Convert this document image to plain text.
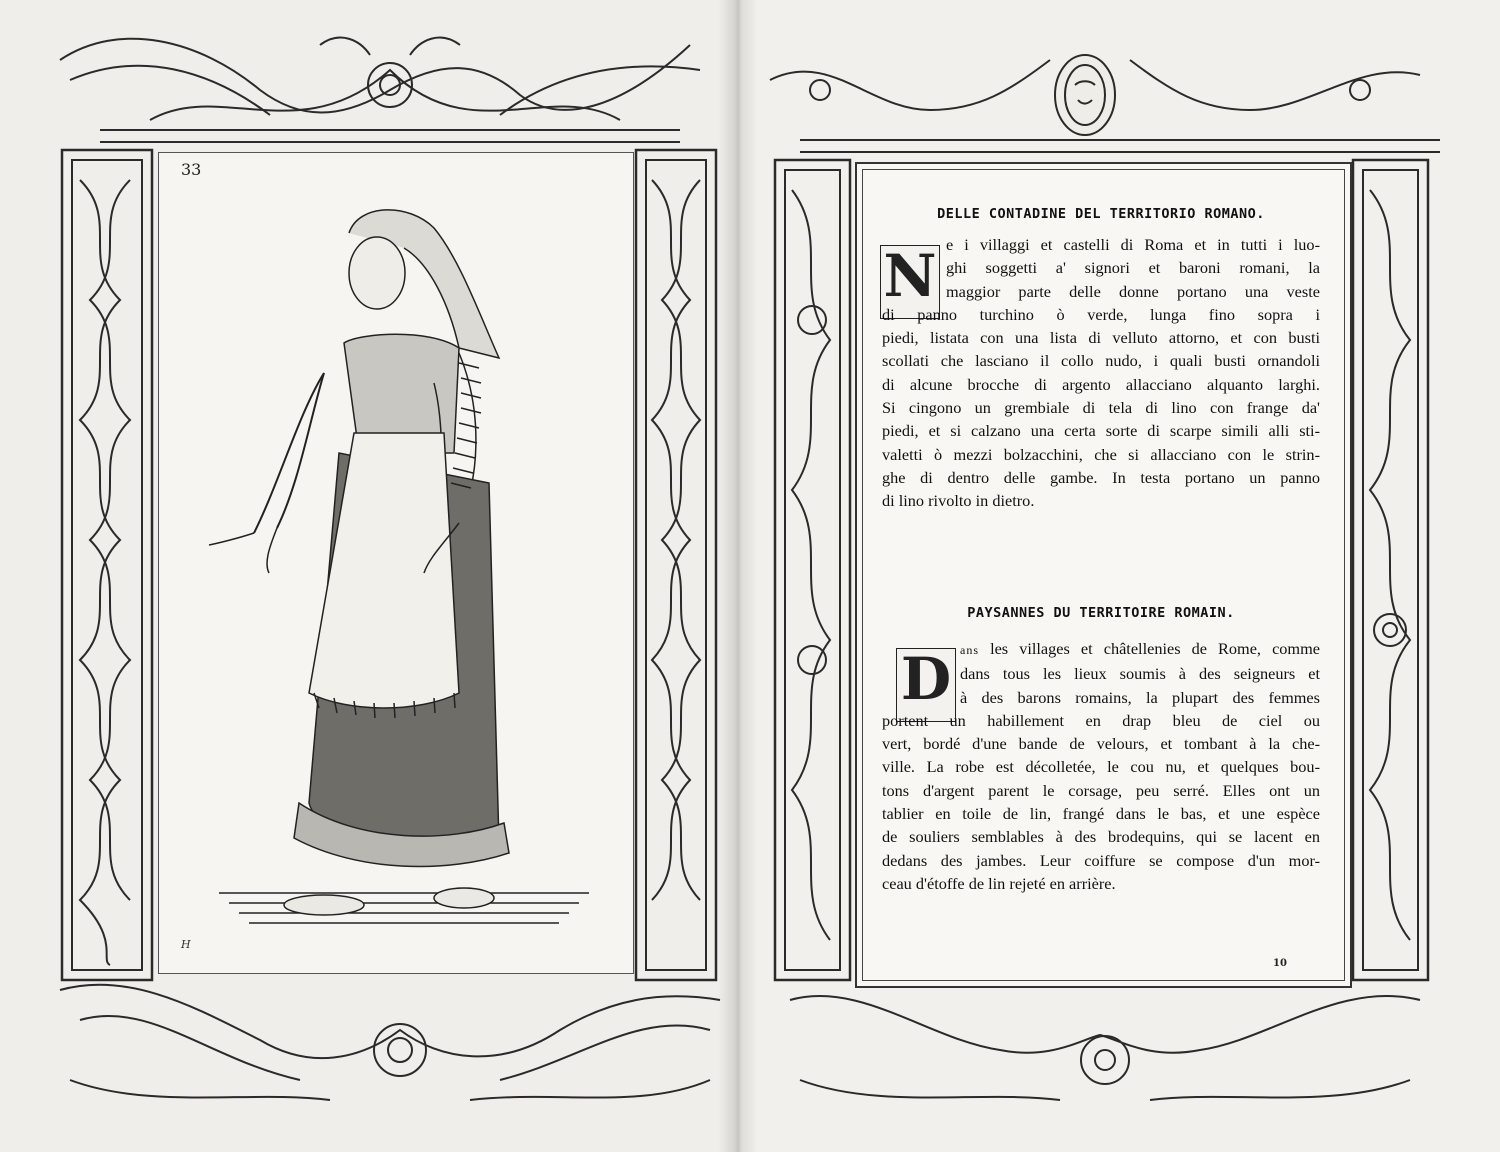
33
H
DELLE CONTADINE DEL TERRITORIO ROMANO.
N e i villaggi et castelli di Roma et in tutti i luo-
ghi soggetti a' signori et baroni romani, la
maggior parte delle donne portano una veste
di panno turchino ò verde, lunga fino sopra i
piedi, listata con una lista di velluto attorno, et con busti
scollati che lasciano il collo nudo, i quali busti ornandoli
di alcune brocche di argento allacciano alquanto larghi.
Si cingono un grembiale di tela di lino con frange da'
piedi, et si calzano una certa sorte di scarpe simili alli sti-
valetti ò mezzi bolzacchini, che si allacciano con le strin-
ghe di dentro delle gambe. In testa portano un panno
di lino rivolto in dietro.
PAYSANNES DU TERRITOIRE ROMAIN.
D ans les villages et châtellenies de Rome, comme
dans tous les lieux soumis à des seigneurs et
à des barons romains, la plupart des femmes
portent un habillement en drap bleu de ciel ou
vert, bordé d'une bande de velours, et tombant à la che-
ville. La robe est décolletée, le cou nu, et quelques bou-
tons d'argent parent le corsage, peu serré. Elles ont un
tablier en toile de lin, frangé dans le bas, et une espèce
de souliers semblables à des brodequins, qui se lacent en
dedans des jambes. Leur coiffure se compose d'un mor-
ceau d'étoffe de lin rejeté en arrière.
10
